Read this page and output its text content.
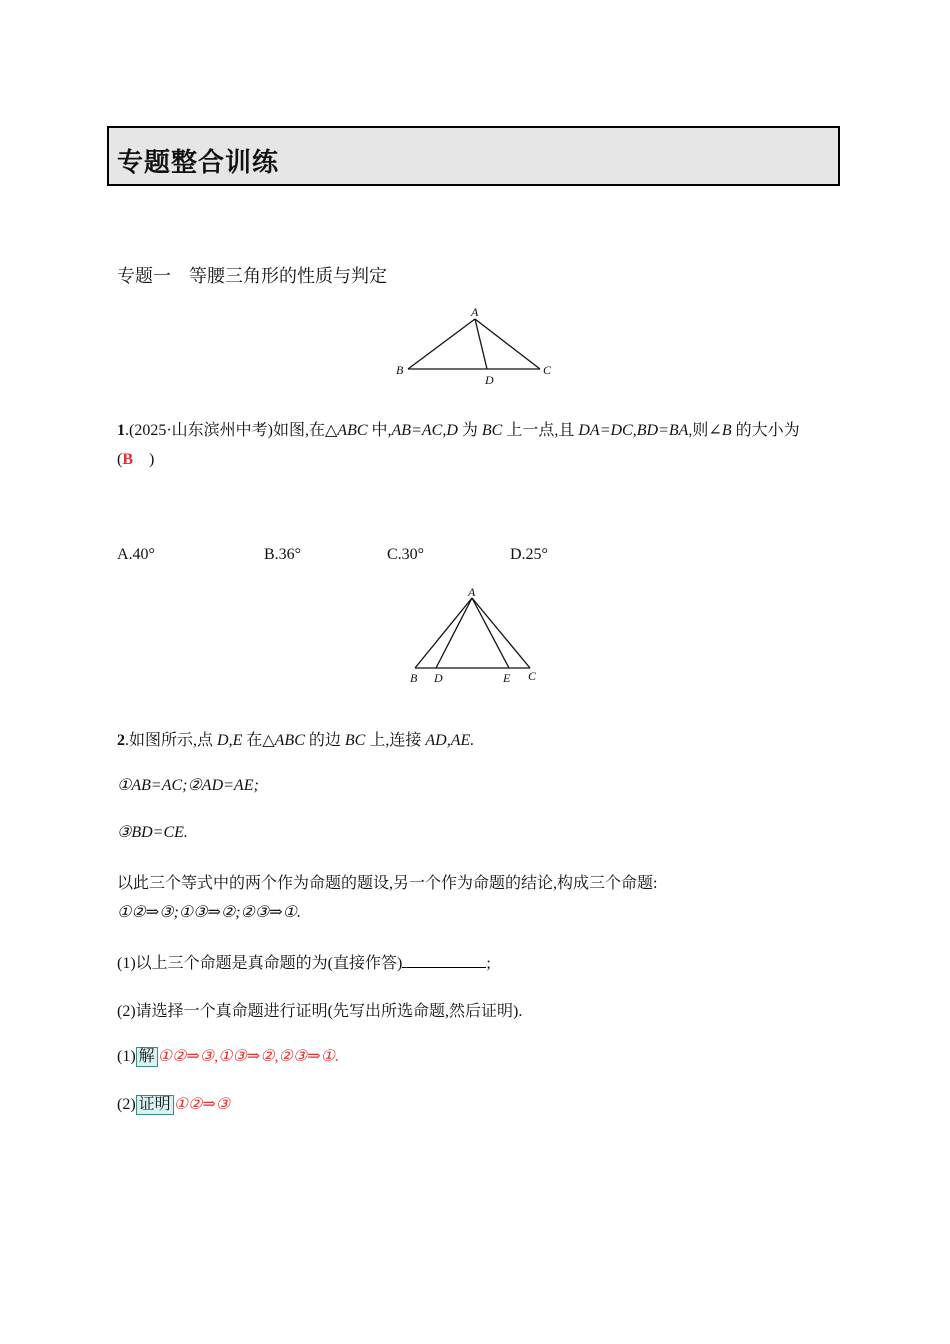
专题整合训练
专题一 等腰三角形的性质与判定
A
B	C
D
1.(2025·山东滨州中考)如图,在△ABC 中,AB=AC,D 为 BC 上一点,且 DA=DC,BD=BA,则∠B 的大小为
(B )
A.40°	B.36°	C.30°	D.25°
A
B D	E C
2.如图所示,点 D,E 在△ABC 的边 BC 上,连接 AD,AE.
①AB=AC;②AD=AE;
③BD=CE.
以此三个等式中的两个作为命题的题设,另一个作为命题的结论,构成三个命题:
①②⇒③;①③⇒②;②③⇒①.
(1)以上三个命题是真命题的为(直接作答)	;
(2)请选择一个真命题进行证明(先写出所选命题,然后证明).
(1) 解 ①②⇒③,①③⇒②,②③⇒①.
(2) 证明 ①②⇒③
